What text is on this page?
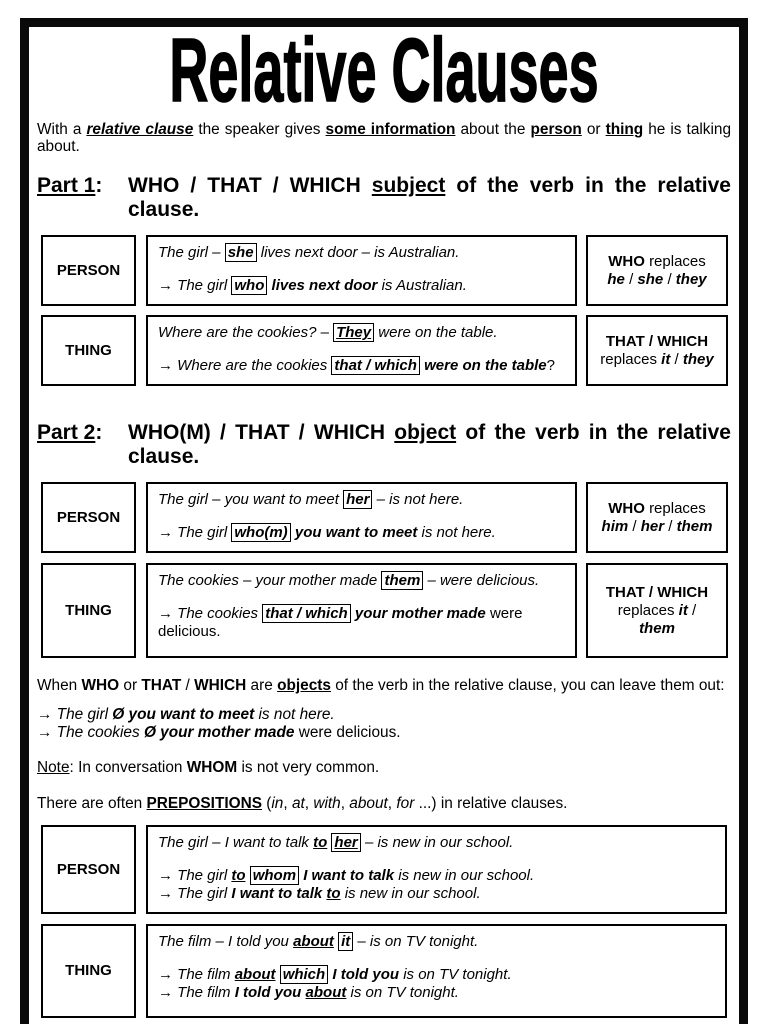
Relative Clauses

With a relative clause the speaker gives some information about the person or thing he is talking about.

Part 1:	WHO / THAT / WHICH subject of the verb in the relative clause.
PERSON

The girl – she lives next door – is Australian.

→ The girl who lives next door is Australian.

WHO replaces
he / she / they
THING

Where are the cookies? – They were on the table.

→ Where are the cookies that / which were on the table?

THAT / WHICH
replaces it / they
Part 2:	WHO(M) / THAT / WHICH object of the verb in the relative clause.
PERSON

The girl – you want to meet her – is not here.

→ The girl who(m) you want to meet is not here.

WHO replaces
him / her / them
THING

The cookies – your mother made them – were delicious.

→ The cookies that / which your mother made were delicious.

THAT / WHICH
replaces it /
them

When WHO or THAT / WHICH are objects of the verb in the relative clause, you can leave them out:

→ The girl Ø you want to meet is not here.
→ The cookies Ø your mother made were delicious.

Note: In conversation WHOM is not very common.

There are often PREPOSITIONS (in, at, with, about, for ...) in relative clauses.

PERSON

The girl – I want to talk to her – is new in our school.

→ The girl to whom I want to talk is new in our school.

→ The girl I want to talk to is new in our school.

THING

The film – I told you about it – is on TV tonight.

→ The film about which I told you is on TV tonight.

→ The film I told you about is on TV tonight.
